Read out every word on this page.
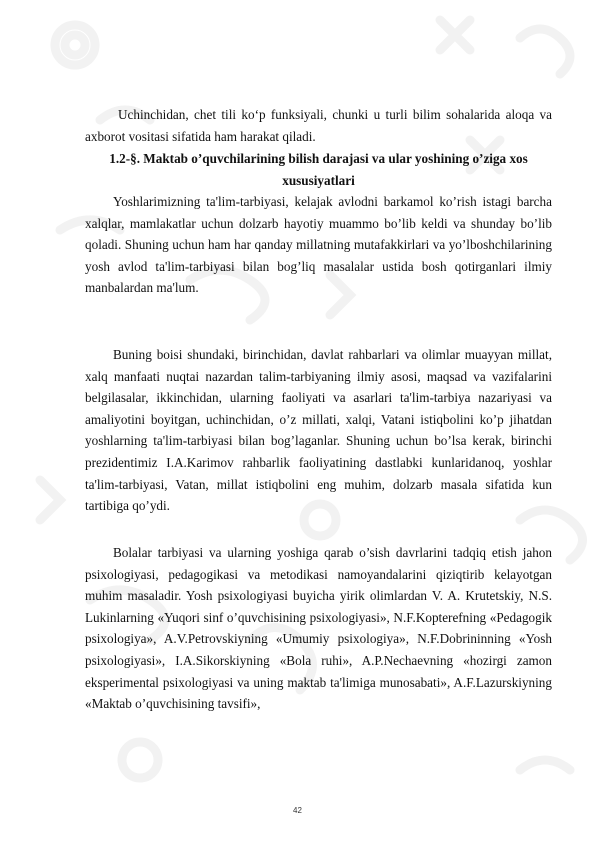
Uchinchidan, chet tili ko‘p funksiyali, chunki u turli bilim sohalarida aloqa va axborot vositasi sifatida ham harakat qiladi.

1.2-§. Maktab o’quvchilarining bilish darajasi va ular yoshining o’ziga xos xususiyatlari

Yoshlarimizning ta'lim-tarbiyasi, kelajak avlodni barkamol ko’rish istagi barcha xalqlar, mamlakatlar uchun dolzarb hayotiy muammo bo’lib keldi va shunday bo’lib qoladi. Shuning uchun ham har qanday millatning mutafakkirlari va yo’lboshchilarining yosh avlod ta'lim-tarbiyasi bilan bog’liq masalalar ustida bosh qotirganlari ilmiy manbalardan ma'lum.

Buning boisi shundaki, birinchidan, davlat rahbarlari va olimlar muayyan millat, xalq manfaati nuqtai nazardan talim-tarbiyaning ilmiy asosi, maqsad va vazifalarini belgilasalar, ikkinchidan, ularning faoliyati va asarlari ta'lim-tarbiya nazariyasi va amaliyotini boyitgan, uchinchidan, o’z millati, xalqi, Vatani istiqbolini ko’p jihatdan yoshlarning ta'lim-tarbiyasi bilan bog’laganlar. Shuning uchun bo’lsa kerak, birinchi prezidentimiz I.A.Karimov rahbarlik faoliyatining dastlabki kunlaridanoq, yoshlar ta'lim-tarbiyasi, Vatan, millat istiqbolini eng muhim, dolzarb masala sifatida kun tartibiga qo’ydi.

Bolalar tarbiyasi va ularning yoshiga qarab o’sish davrlarini tadqiq etish jahon psixologiyasi, pedagogikasi va metodikasi namoyandalarini qiziqtirib kelayotgan muhim masaladir. Yosh psixologiyasi buyicha yirik olimlardan V. A. Krutetskiy, N.S. Lukinlarning «Yuqori sinf o’quvchisining psixologiyasi», N.F.Kopterefning «Pedagogik psixologiya», A.V.Petrovskiyning «Umumiy psixologiya», N.F.Dobrininning «Yosh psixologiyasi», I.A.Sikorskiyning «Bola ruhi», A.P.Nechaevning «hozirgi zamon eksperimental psixologiyasi va uning maktab ta'limiga munosabati», A.F.Lazurskiyning «Maktab o’quvchisining tavsifi»,

42
